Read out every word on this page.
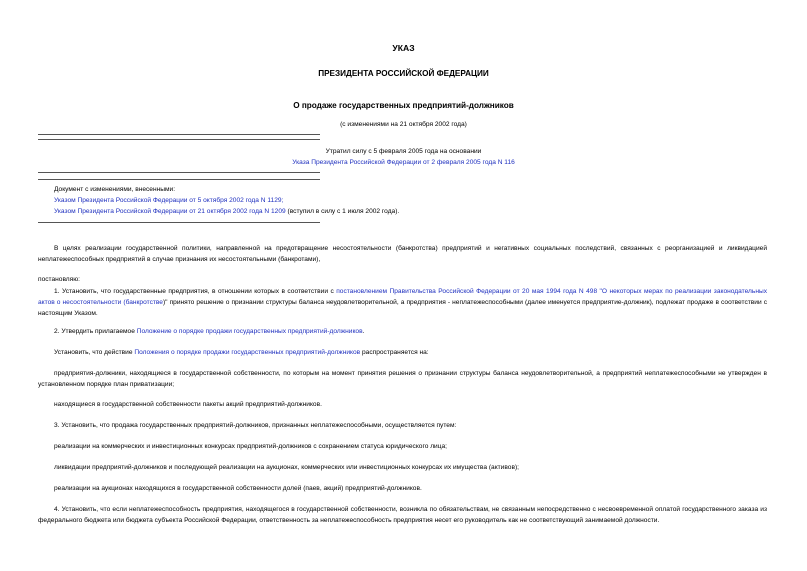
УКАЗ
ПРЕЗИДЕНТА РОССИЙСКОЙ ФЕДЕРАЦИИ
О продаже государственных предприятий-должников
(с изменениями на 21 октября 2002 года)
Утратил силу с 5 февраля 2005 года на основании
Указа Президента Российской Федерации от 2 февраля 2005 года N 116
Документ с изменениями, внесенными:
Указом Президента Российской Федерации от 5 октября 2002 года N 1129;
Указом Президента Российской Федерации от 21 октября 2002 года N 1209 (вступил в силу с 1 июля 2002 года).
В целях реализации государственной политики, направленной на предотвращение несостоятельности (банкротства) предприятий и негативных социальных последствий, связанных с реорганизацией и ликвидацией неплатежеспособных предприятий в случае признания их несостоятельными (банкротами),
постановляю:
1. Установить, что государственные предприятия, в отношении которых в соответствии с постановлением Правительства Российской Федерации от 20 мая 1994 года N 498 "О некоторых мерах по реализации законодательных актов о несостоятельности (банкротстве)" принято решение о признании структуры баланса неудовлетворительной, а предприятия - неплатежеспособными (далее именуется предприятие-должник), подлежат продаже в соответствии с настоящим Указом.
2. Утвердить прилагаемое Положение о порядке продажи государственных предприятий-должников.
Установить, что действие Положения о порядке продажи государственных предприятий-должников распространяется на:
предприятия-должники, находящиеся в государственной собственности, по которым на момент принятия решения о признании структуры баланса неудовлетворительной, а предприятий неплатежеспособными не утвержден в установленном порядке план приватизации;
находящиеся в государственной собственности пакеты акций предприятий-должников.
3. Установить, что продажа государственных предприятий-должников, признанных неплатежеспособными, осуществляется путем:
реализации на коммерческих и инвестиционных конкурсах предприятий-должников с сохранением статуса юридического лица;
ликвидации предприятий-должников и последующей реализации на аукционах, коммерческих или инвестиционных конкурсах их имущества (активов);
реализации на аукционах находящихся в государственной собственности долей (паев, акций) предприятий-должников.
4. Установить, что если неплатежеспособность предприятия, находящегося в государственной собственности, возникла по обязательствам, не связанным непосредственно с несвоевременной оплатой государственного заказа из федерального бюджета или бюджета субъекта Российской Федерации, ответственность за неплатежеспособность предприятия несет его руководитель как не соответствующий занимаемой должности.
